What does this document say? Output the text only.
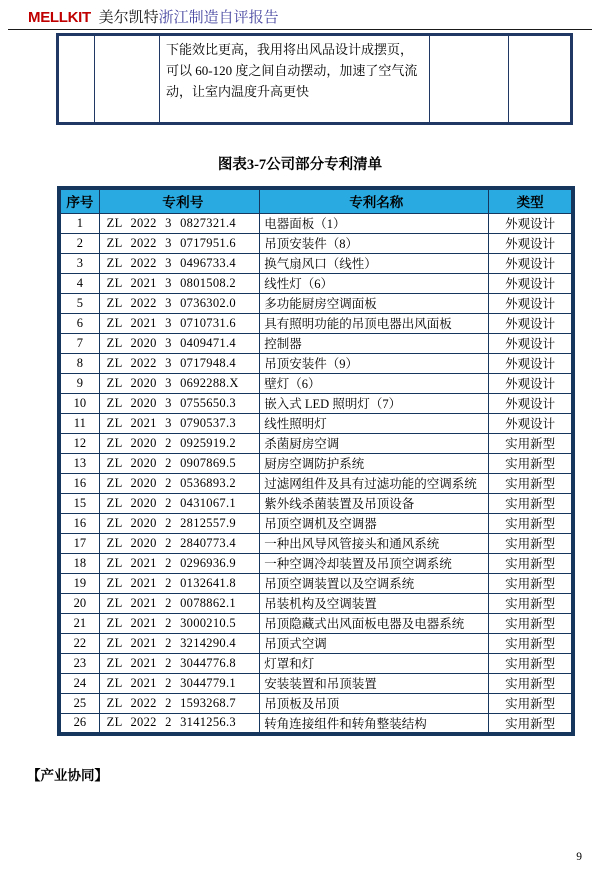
MELLKIT 美尔凯特浙江制造自评报告

下能效比更高，我用将出风品设计成摆页，
可以 60-120 度之间自动摆动，加速了空气流
动，让室内温度升高更快

图表3-7公司部分专利清单
序号	专利号	专利名称	类型
1	ZL 2022 3 0827321.4	电器面板（1）	外观设计
2	ZL 2022 3 0717951.6	吊顶安装件（8）	外观设计
3	ZL 2022 3 0496733.4	换气扇风口（线性）	外观设计
4	ZL 2021 3 0801508.2	线性灯（6）	外观设计
5	ZL 2022 3 0736302.0	多功能厨房空调面板	外观设计
6	ZL 2021 3 0710731.6	具有照明功能的吊顶电器出风面板	外观设计
7	ZL 2020 3 0409471.4	控制器	外观设计
8	ZL 2022 3 0717948.4	吊顶安装件（9）	外观设计
9	ZL 2020 3 0692288.X	壁灯（6）	外观设计
10	ZL 2020 3 0755650.3	嵌入式 LED 照明灯（7）	外观设计
11	ZL 2021 3 0790537.3	线性照明灯	外观设计
12	ZL 2020 2 0925919.2	杀菌厨房空调	实用新型
13	ZL 2020 2 0907869.5	厨房空调防护系统	实用新型
16	ZL 2020 2 0536893.2	过滤网组件及具有过滤功能的空调系统	实用新型
15	ZL 2020 2 0431067.1	紫外线杀菌装置及吊顶设备	实用新型
16	ZL 2020 2 2812557.9	吊顶空调机及空调器	实用新型
17	ZL 2020 2 2840773.4	一种出风导风管接头和通风系统	实用新型
18	ZL 2021 2 0296936.9	一种空调冷却装置及吊顶空调系统	实用新型
19	ZL 2021 2 0132641.8	吊顶空调装置以及空调系统	实用新型
20	ZL 2021 2 0078862.1	吊装机构及空调装置	实用新型
21	ZL 2021 2 3000210.5	吊顶隐藏式出风面板电器及电器系统	实用新型
22	ZL 2021 2 3214290.4	吊顶式空调	实用新型
23	ZL 2021 2 3044776.8	灯罩和灯	实用新型
24	ZL 2021 2 3044779.1	安装装置和吊顶装置	实用新型
25	ZL 2022 2 1593268.7	吊顶板及吊顶	实用新型
26	ZL 2022 2 3141256.3	转角连接组件和转角整装结构	实用新型
【产业协同】
9
